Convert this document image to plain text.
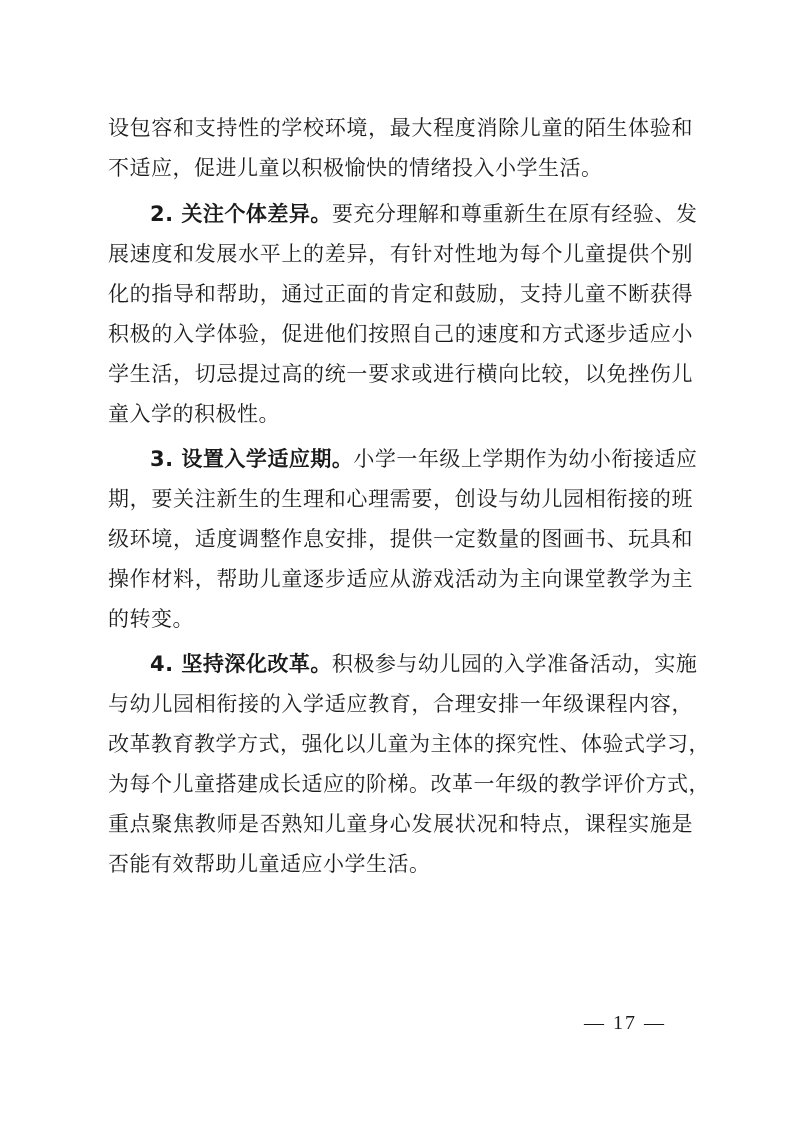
设包容和支持性的学校环境，最大程度消除儿童的陌生体验和
不适应，促进儿童以积极愉快的情绪投入小学生活。
2. 关注个体差异。要充分理解和尊重新生在原有经验、发
展速度和发展水平上的差异，有针对性地为每个儿童提供个别
化的指导和帮助，通过正面的肯定和鼓励，支持儿童不断获得
积极的入学体验，促进他们按照自己的速度和方式逐步适应小
学生活，切忌提过高的统一要求或进行横向比较，以免挫伤儿
童入学的积极性。
3. 设置入学适应期。小学一年级上学期作为幼小衔接适应
期，要关注新生的生理和心理需要，创设与幼儿园相衔接的班
级环境，适度调整作息安排，提供一定数量的图画书、玩具和
操作材料，帮助儿童逐步适应从游戏活动为主向课堂教学为主
的转变。
4. 坚持深化改革。积极参与幼儿园的入学准备活动，实施
与幼儿园相衔接的入学适应教育，合理安排一年级课程内容，
改革教育教学方式，强化以儿童为主体的探究性、体验式学习，
为每个儿童搭建成长适应的阶梯。改革一年级的教学评价方式，
重点聚焦教师是否熟知儿童身心发展状况和特点，课程实施是
否能有效帮助儿童适应小学生活。
— 17 —
